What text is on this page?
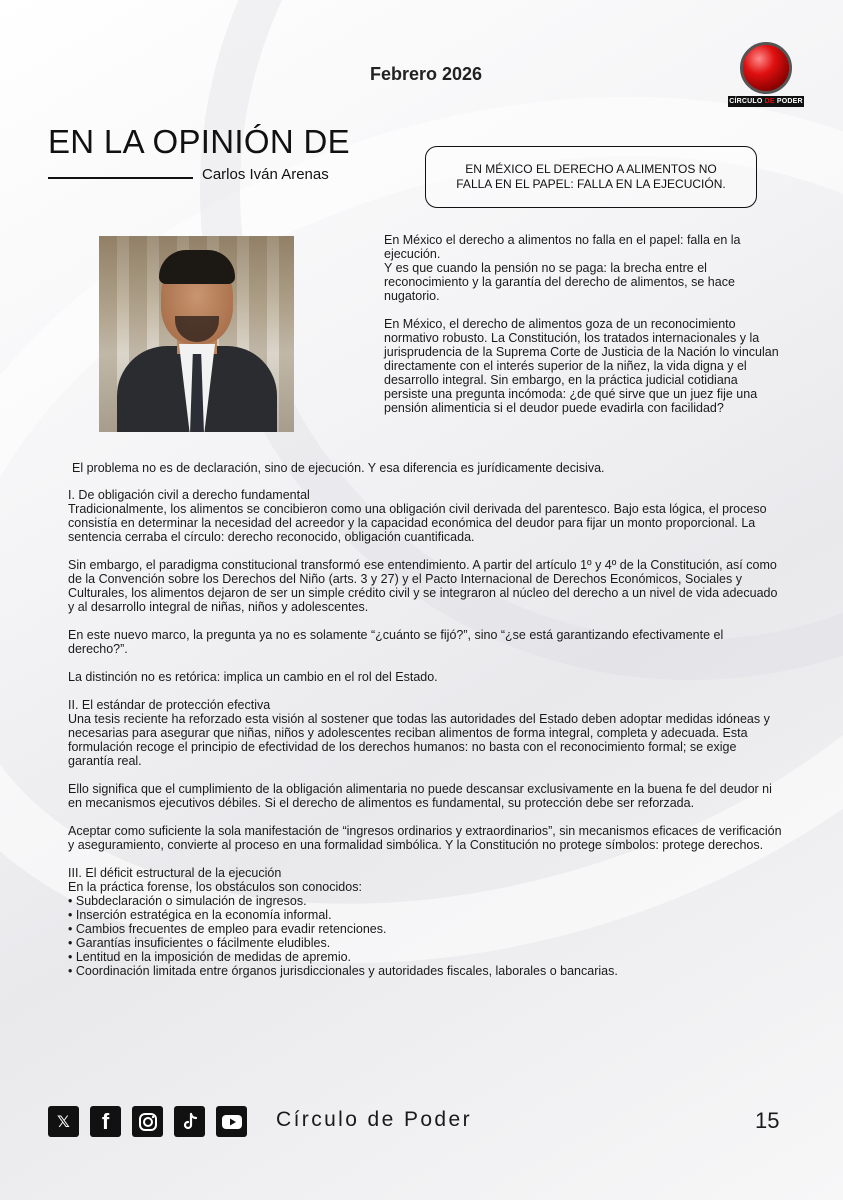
Febrero 2026
CÍRCULO DE PODER
EN LA OPINIÓN DE
Carlos Iván Arenas	EN MÉXICO EL DERECHO A ALIMENTOS NO
FALLA EN EL PAPEL: FALLA EN LA EJECUCIÓN.

En México el derecho a alimentos no falla en el papel: falla en la ejecución.

Y es que cuando la pensión no se paga: la brecha entre el reconocimiento y la garantía del derecho de alimentos, se hace nugatorio.

En México, el derecho de alimentos goza de un reconocimiento normativo robusto. La Constitución, los tratados internacionales y la jurisprudencia de la Suprema Corte de Justicia de la Nación lo vinculan directamente con el interés superior de la niñez, la vida digna y el desarrollo integral. Sin embargo, en la práctica judicial cotidiana persiste una pregunta incómoda: ¿de qué sirve que un juez fije una pensión alimenticia si el deudor puede evadirla con facilidad?

El problema no es de declaración, sino de ejecución. Y esa diferencia es jurídicamente decisiva.

I. De obligación civil a derecho fundamental

Tradicionalmente, los alimentos se concibieron como una obligación civil derivada del parentesco. Bajo esta lógica, el proceso consistía en determinar la necesidad del acreedor y la capacidad económica del deudor para fijar un monto proporcional. La sentencia cerraba el círculo: derecho reconocido, obligación cuantificada.

Sin embargo, el paradigma constitucional transformó ese entendimiento. A partir del artículo 1º y 4º de la Constitución, así como de la Convención sobre los Derechos del Niño (arts. 3 y 27) y el Pacto Internacional de Derechos Económicos, Sociales y Culturales, los alimentos dejaron de ser un simple crédito civil y se integraron al núcleo del derecho a un nivel de vida adecuado y al desarrollo integral de niñas, niños y adolescentes.

En este nuevo marco, la pregunta ya no es solamente “¿cuánto se fijó?”, sino “¿se está garantizando efectivamente el derecho?”.

La distinción no es retórica: implica un cambio en el rol del Estado.

II. El estándar de protección efectiva

Una tesis reciente ha reforzado esta visión al sostener que todas las autoridades del Estado deben adoptar medidas idóneas y necesarias para asegurar que niñas, niños y adolescentes reciban alimentos de forma integral, completa y adecuada. Esta formulación recoge el principio de efectividad de los derechos humanos: no basta con el reconocimiento formal; se exige garantía real.

Ello significa que el cumplimiento de la obligación alimentaria no puede descansar exclusivamente en la buena fe del deudor ni en mecanismos ejecutivos débiles. Si el derecho de alimentos es fundamental, su protección debe ser reforzada.

Aceptar como suficiente la sola manifestación de “ingresos ordinarios y extraordinarios”, sin mecanismos eficaces de verificación y aseguramiento, convierte al proceso en una formalidad simbólica. Y la Constitución no protege símbolos: protege derechos.

III. El déficit estructural de la ejecución
En la práctica forense, los obstáculos son conocidos:
• Subdeclaración o simulación de ingresos.
• Inserción estratégica en la economía informal.
• Cambios frecuentes de empleo para evadir retenciones.
• Garantías insuficientes o fácilmente eludibles.
• Lentitud en la imposición de medidas de apremio.
• Coordinación limitada entre órganos jurisdiccionales y autoridades fiscales, laborales o bancarias.
𝕏 f	Círculo de Poder	15
